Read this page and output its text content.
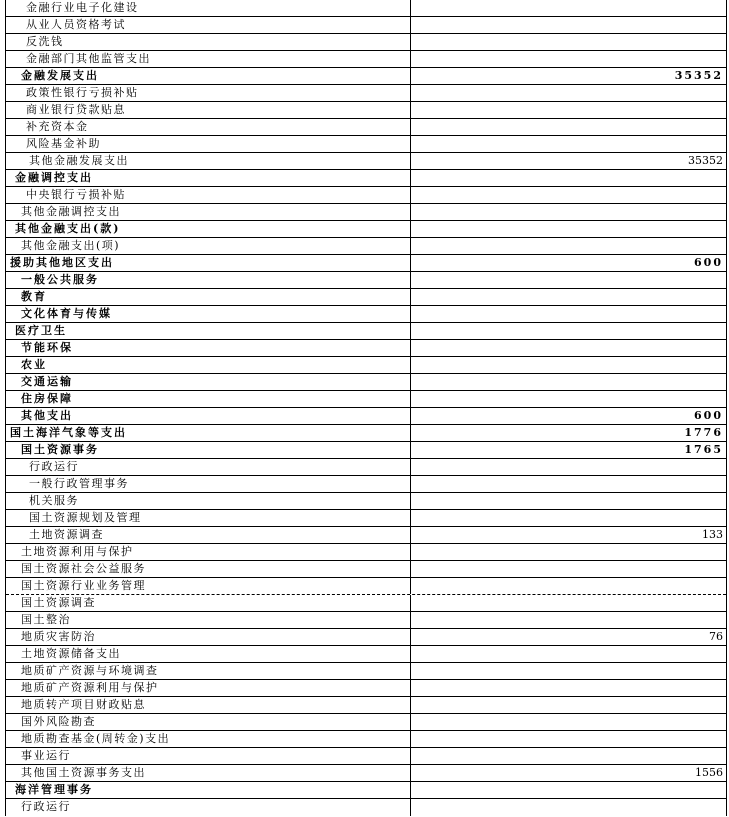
金融行业电子化建设
从业人员资格考试
反洗钱
金融部门其他监管支出
金融发展支出	35352
政策性银行亏损补贴
商业银行贷款贴息
补充资本金
风险基金补助
其他金融发展支出	35352
金融调控支出
中央银行亏损补贴
其他金融调控支出
其他金融支出(款)
其他金融支出(项)
援助其他地区支出	600
一般公共服务
教育
文化体育与传媒
医疗卫生
节能环保
农业
交通运输
住房保障
其他支出	600
国土海洋气象等支出	1776
国土资源事务	1765
行政运行
一般行政管理事务
机关服务
国土资源规划及管理
土地资源调查	133
土地资源利用与保护
国土资源社会公益服务
国土资源行业业务管理
国土资源调查
国土整治
地质灾害防治	76
土地资源储备支出
地质矿产资源与环境调查
地质矿产资源利用与保护
地质转产项目财政贴息
国外风险勘查
地质勘查基金(周转金)支出
事业运行
其他国土资源事务支出	1556
海洋管理事务
行政运行
